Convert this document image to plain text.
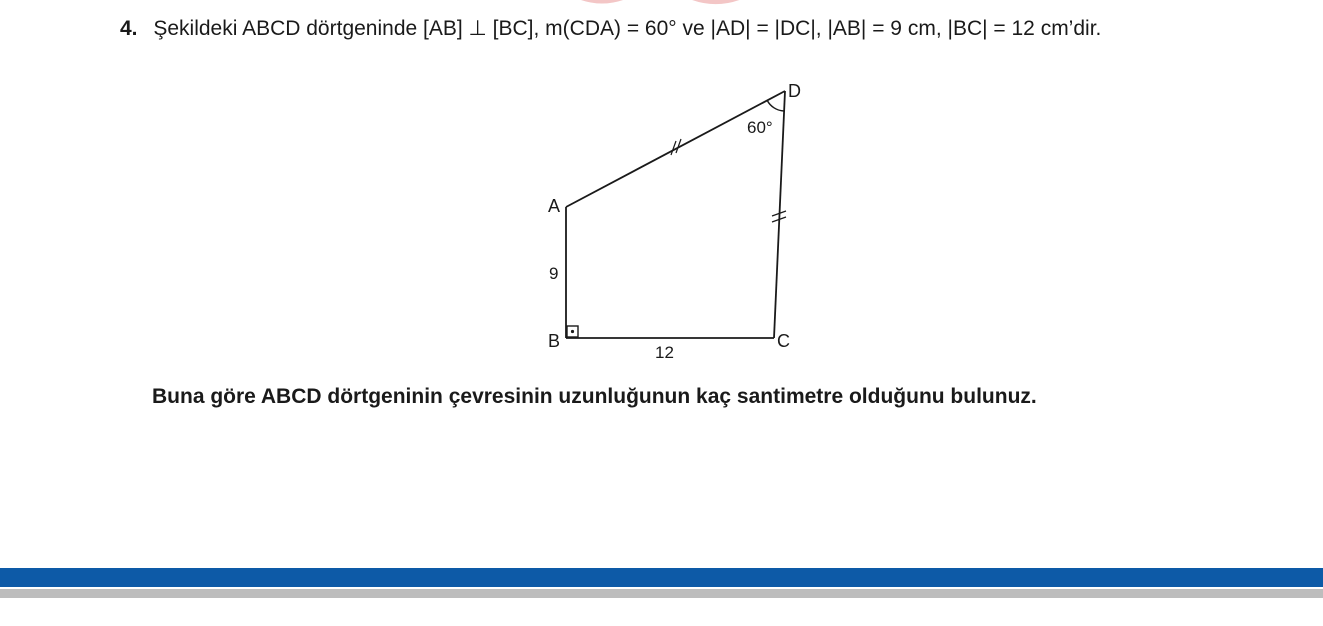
4. Şekildeki ABCD dörtgeninde [AB] ⊥ [BC], m(CDA) = 60° ve |AD| = |DC|, |AB| = 9 cm, |BC| = 12 cm’dir.
A
B	C
D
60°
9
12
Buna göre ABCD dörtgeninin çevresinin uzunluğunun kaç santimetre olduğunu bulunuz.
